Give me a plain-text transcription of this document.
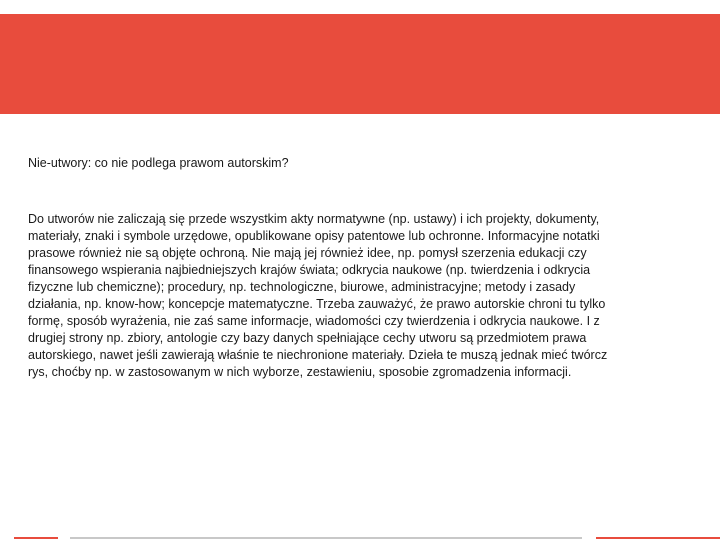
Nie-utwory: co nie podlega prawom autorskim?
Do utworów nie zaliczają się przede wszystkim akty normatywne (np. ustawy) i ich projekty, dokumenty,
materiały, znaki i symbole urzędowe, opublikowane opisy patentowe lub ochronne. Informacyjne notatki
prasowe również nie są objęte ochroną. Nie mają jej również idee, np. pomysł szerzenia edukacji czy
finansowego wspierania najbiedniejszych krajów świata; odkrycia naukowe (np. twierdzenia i odkrycia
fizyczne lub chemiczne); procedury, np. technologiczne, biurowe, administracyjne; metody i zasady
działania, np. know-how; koncepcje matematyczne. Trzeba zauważyć, że prawo autorskie chroni tu tylko
formę, sposób wyrażenia, nie zaś same informacje, wiadomości czy twierdzenia i odkrycia naukowe. I z
drugiej strony np. zbiory, antologie czy bazy danych spełniające cechy utworu są przedmiotem prawa
autorskiego, nawet jeśli zawierają właśnie te niechronione materiały. Dzieła te muszą jednak mieć twórcz
rys, choćby np. w zastosowanym w nich wyborze, zestawieniu, sposobie zgromadzenia informacji.
